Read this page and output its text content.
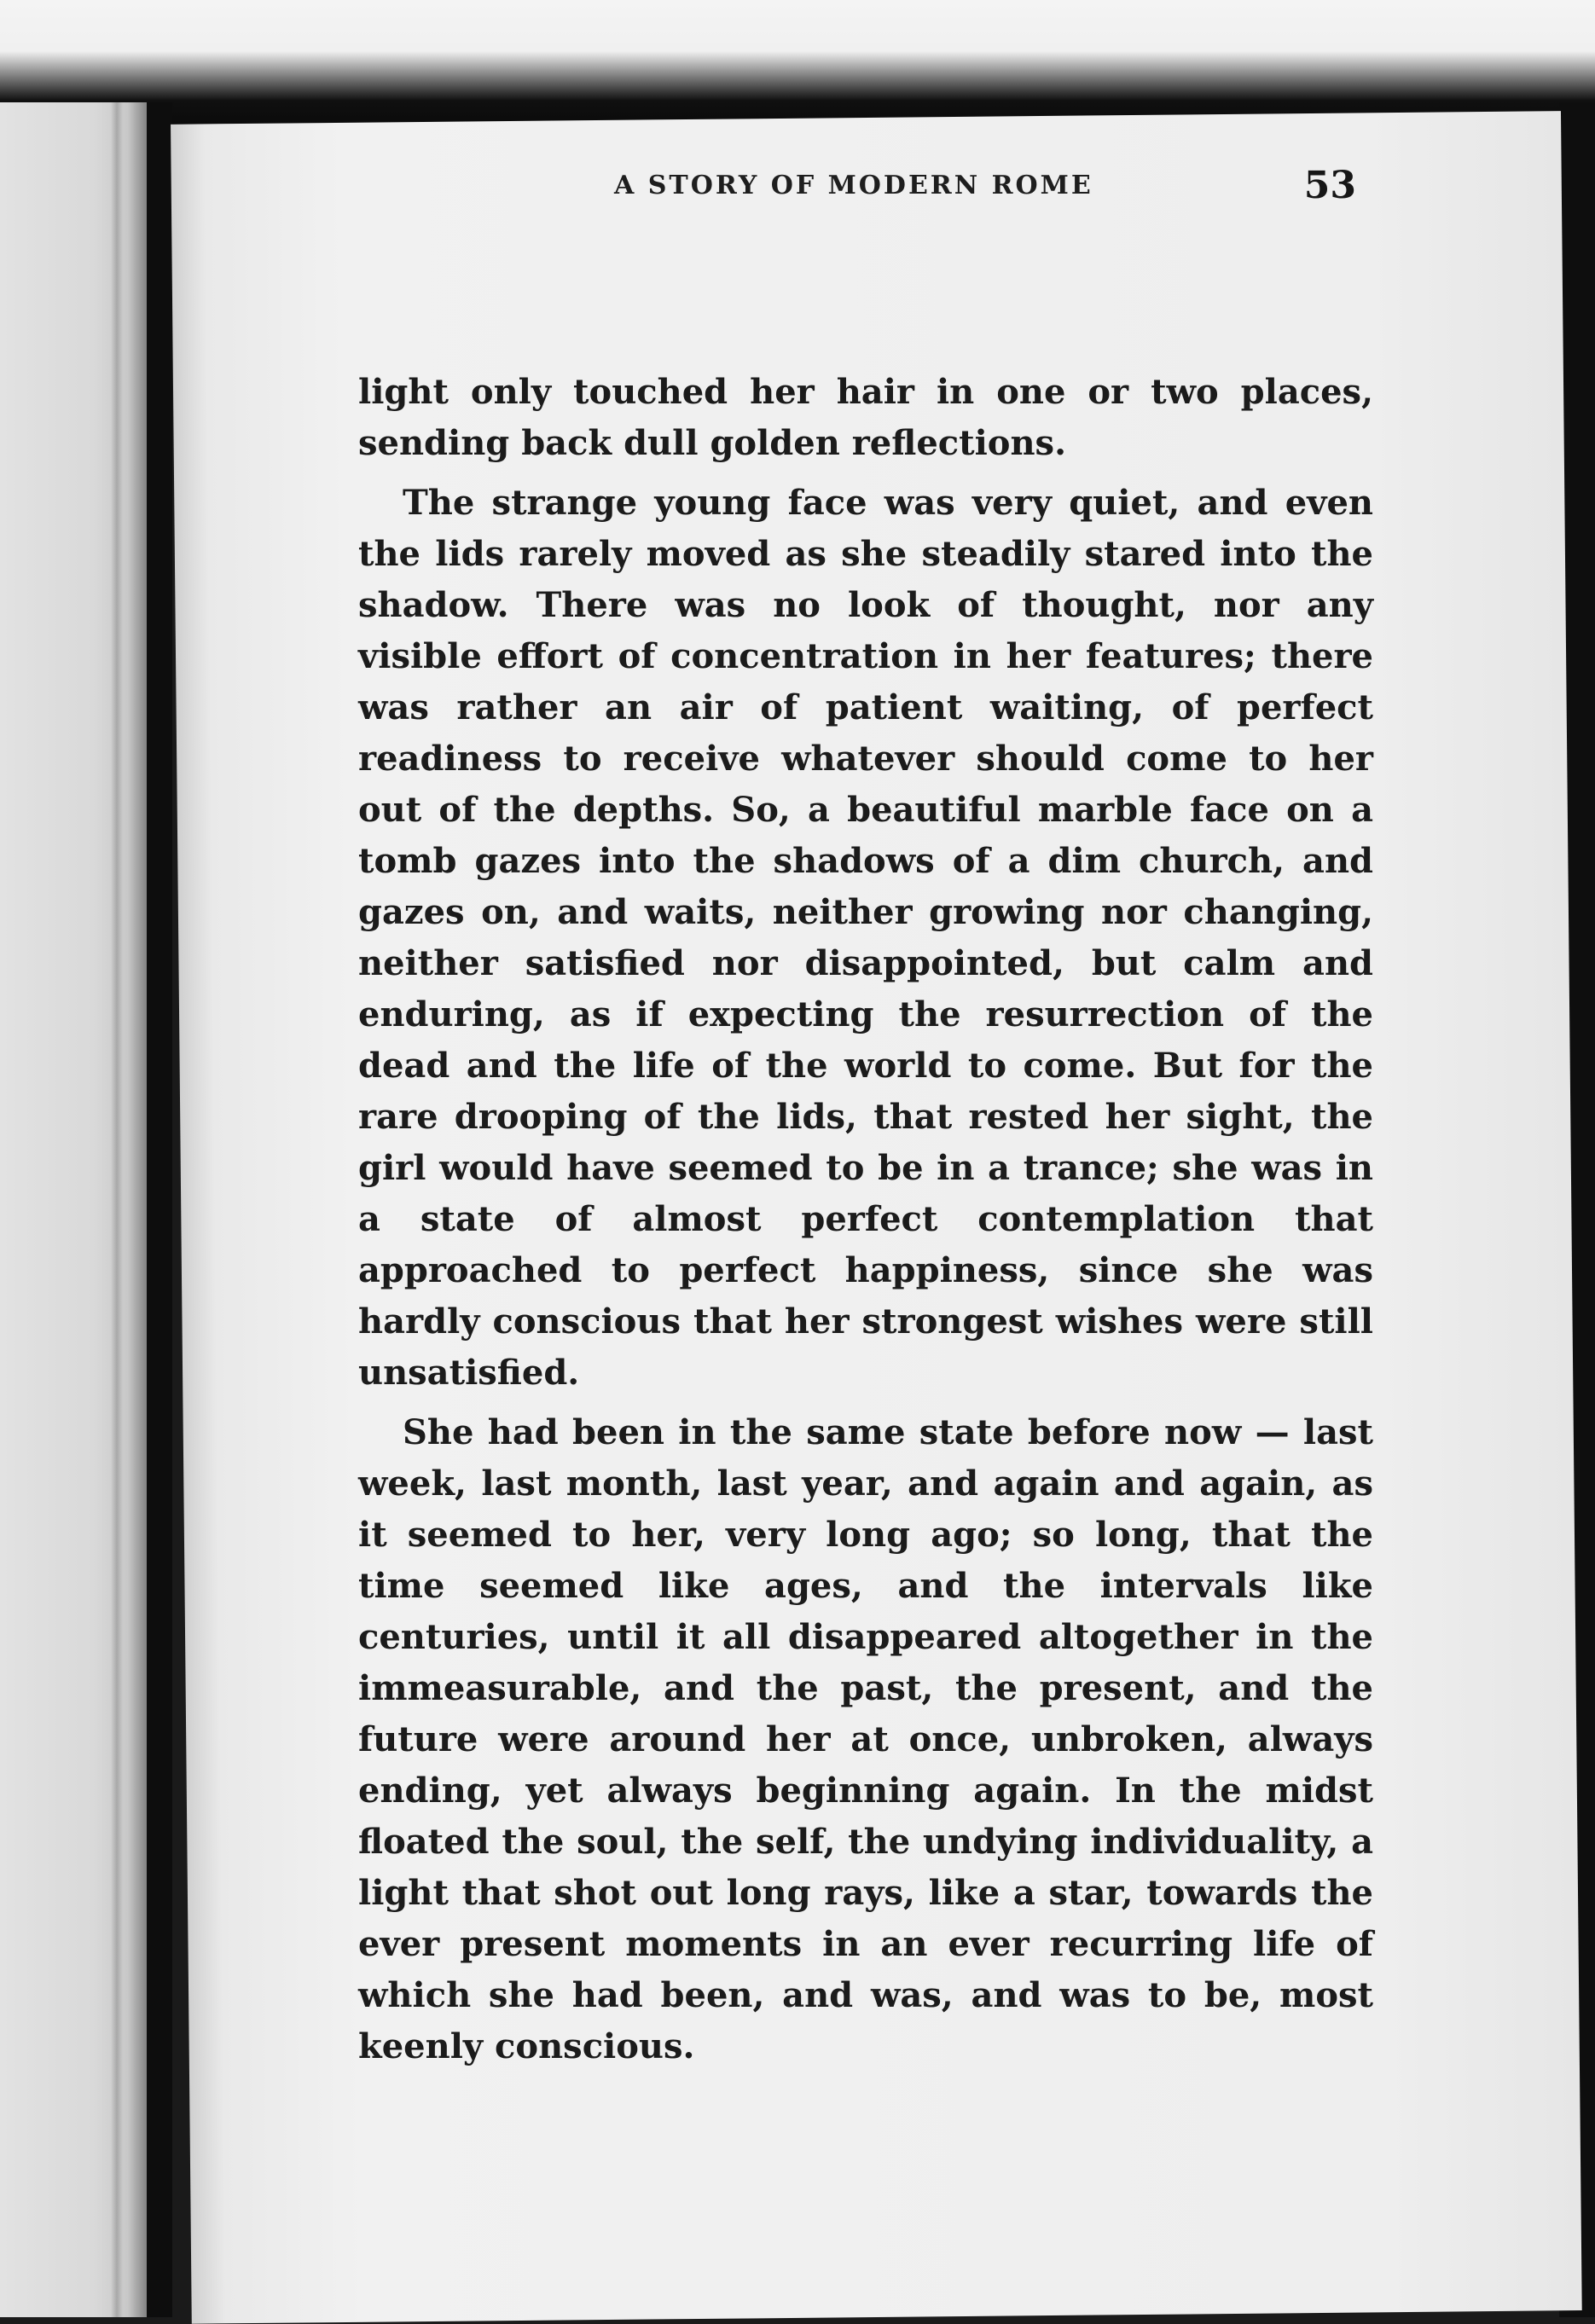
A STORY OF MODERN ROME	53

light only touched her hair in one or two places, sending back dull golden reflections.

The strange young face was very quiet, and even the lids rarely moved as she steadily stared into the shadow. There was no look of thought, nor any visible effort of concentration in her features; there was rather an air of patient waiting, of perfect readiness to receive whatever should come to her out of the depths. So, a beautiful marble face on a tomb gazes into the shadows of a dim church, and gazes on, and waits, neither growing nor changing, neither satisfied nor disappointed, but calm and enduring, as if expecting the resurrection of the dead and the life of the world to come. But for the rare drooping of the lids, that rested her sight, the girl would have seemed to be in a trance; she was in a state of almost perfect contemplation that approached to perfect happiness, since she was hardly conscious that her strongest wishes were still unsatisfied.

She had been in the same state before now — last week, last month, last year, and again and again, as it seemed to her, very long ago; so long, that the time seemed like ages, and the intervals like centuries, until it all disappeared altogether in the immeasurable, and the past, the present, and the future were around her at once, unbroken, always ending, yet always beginning again. In the midst floated the soul, the self, the undying individuality, a light that shot out long rays, like a star, towards the ever present moments in an ever recurring life of which she had been, and was, and was to be, most keenly conscious.
